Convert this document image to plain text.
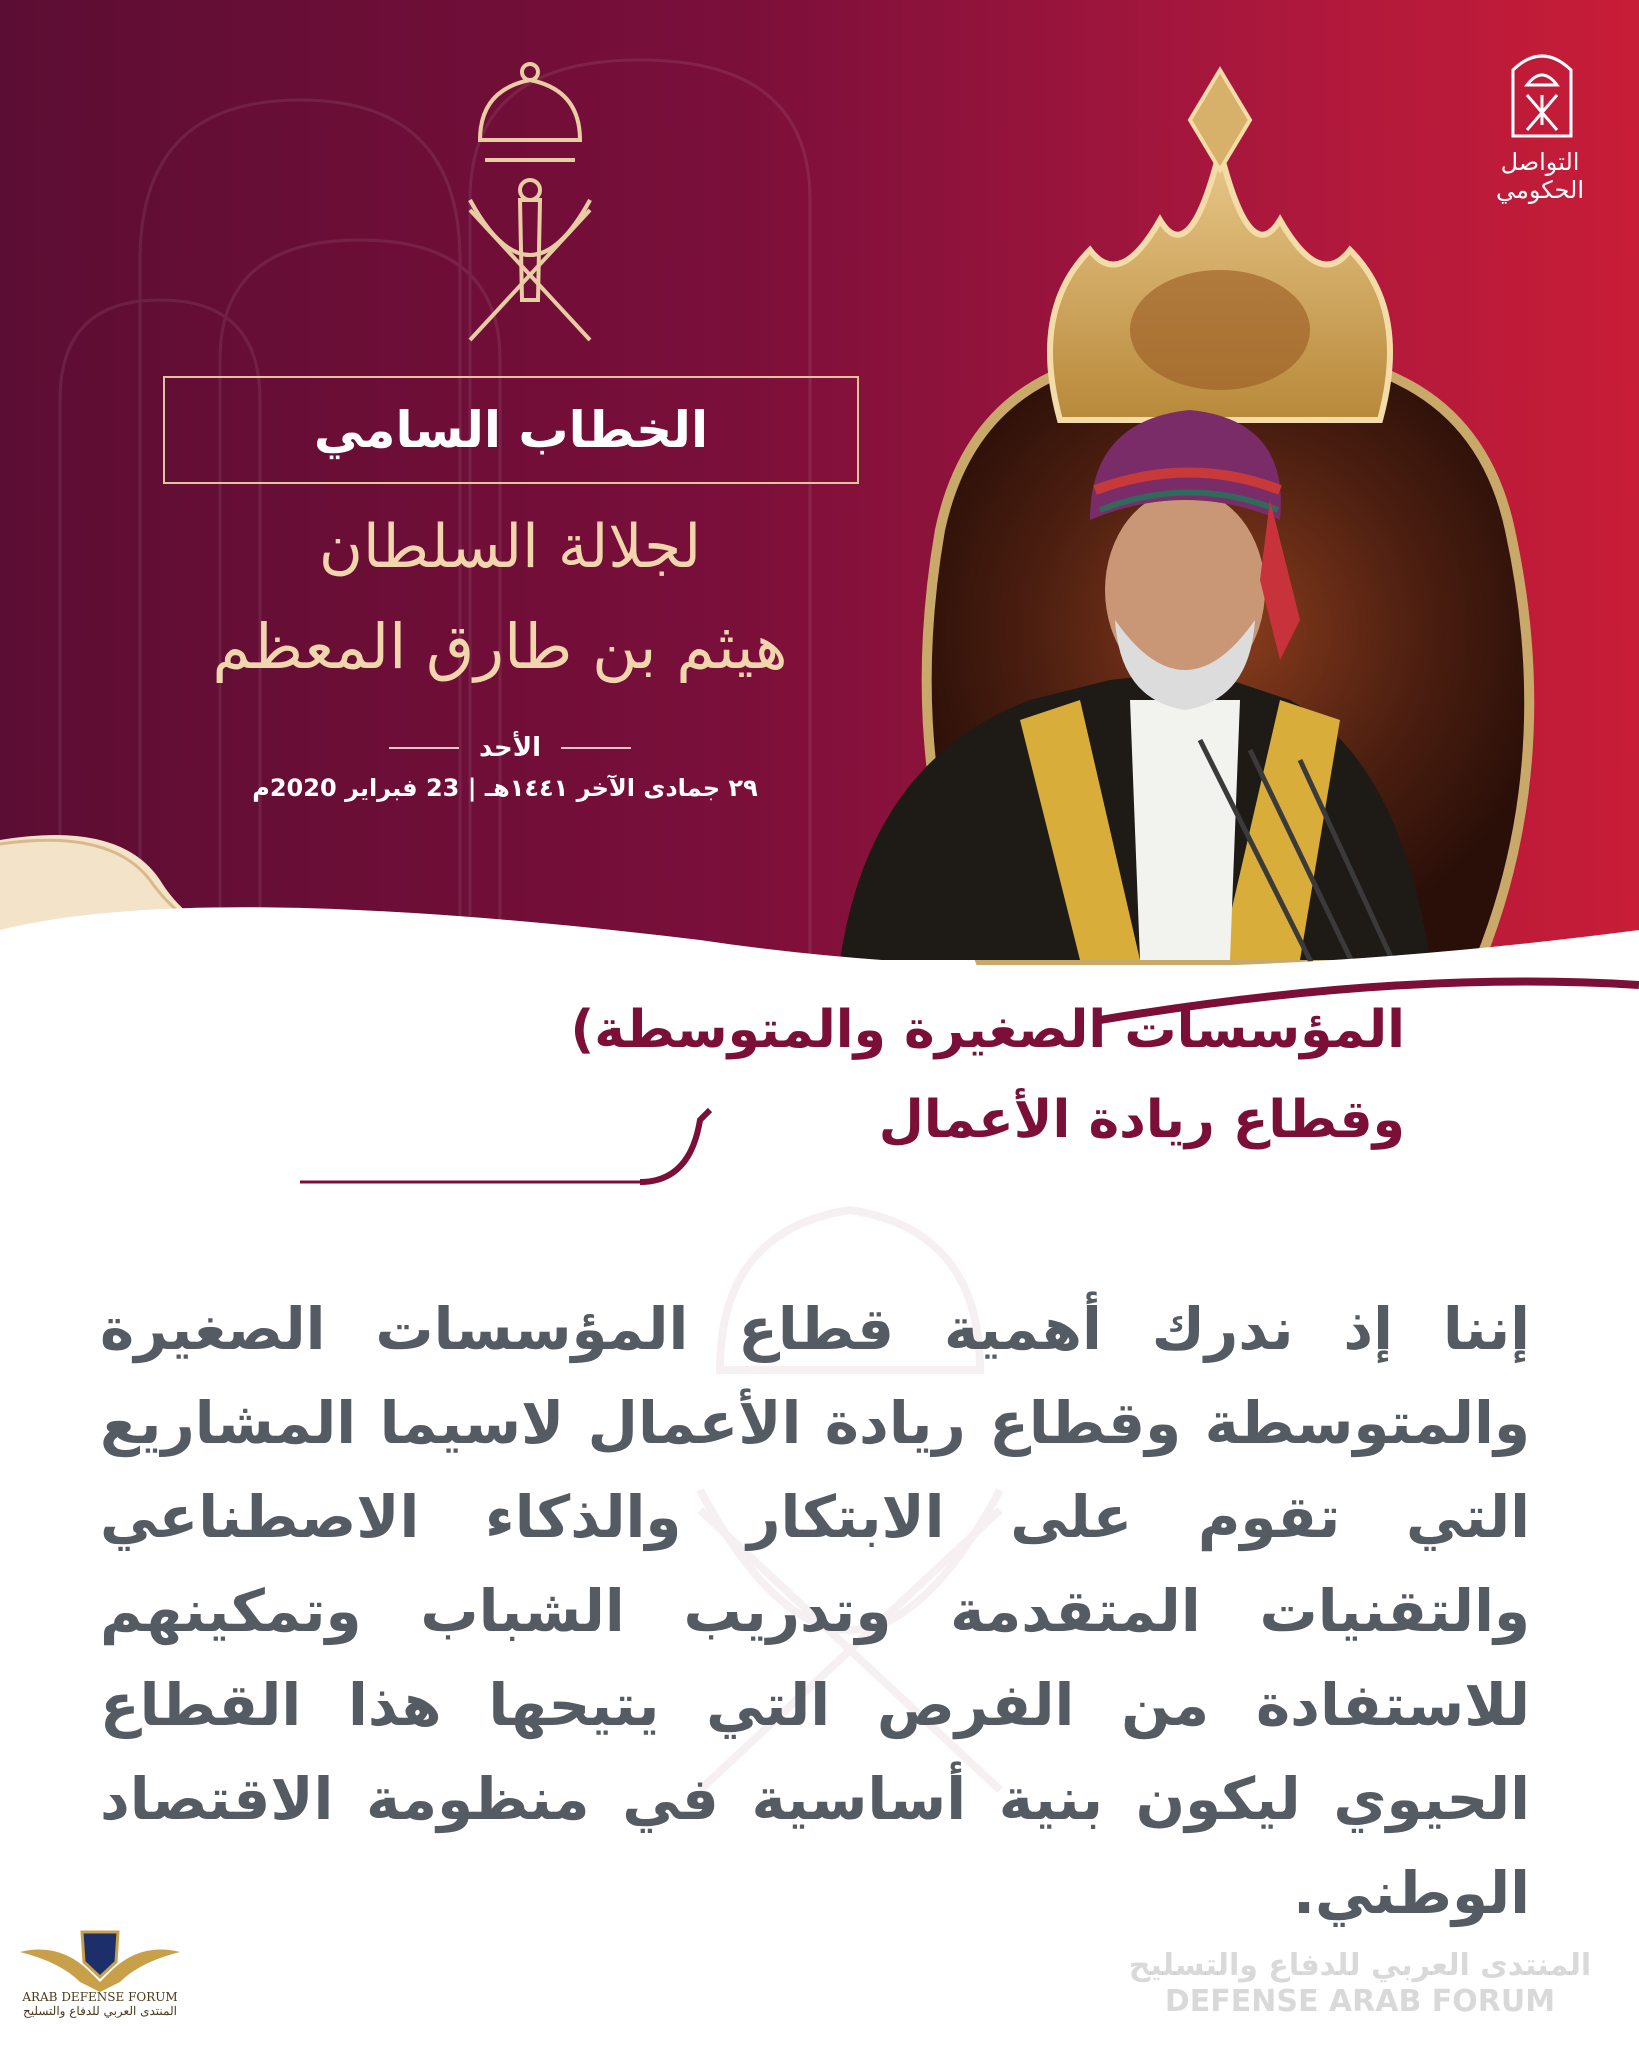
التواصل
الحكومي
الخطاب السامي
لجلالة السلطان
هيثم بن طارق المعظم
الأحد
٢٩ جمادى الآخر ١٤٤١هـ | 23 فبراير 2020م
المؤسسات الصغيرة والمتوسطة)
وقطاع ريادة الأعمال
إننا إذ ندرك أهمية قطاع المؤسسات الصغيرة والمتوسطة وقطاع ريادة الأعمال لاسيما المشاريع التي تقوم على الابتكار والذكاء الاصطناعي والتقنيات المتقدمة وتدريب الشباب وتمكينهم للاستفادة من الفرص التي يتيحها هذا القطاع الحيوي ليكون بنية أساسية في منظومة الاقتصاد الوطني.
المنتدى العربي للدفاع والتسليح
DEFENSE ARAB FORUM
ARAB DEFENSE FORUM
المنتدى العربي للدفاع والتسليح
